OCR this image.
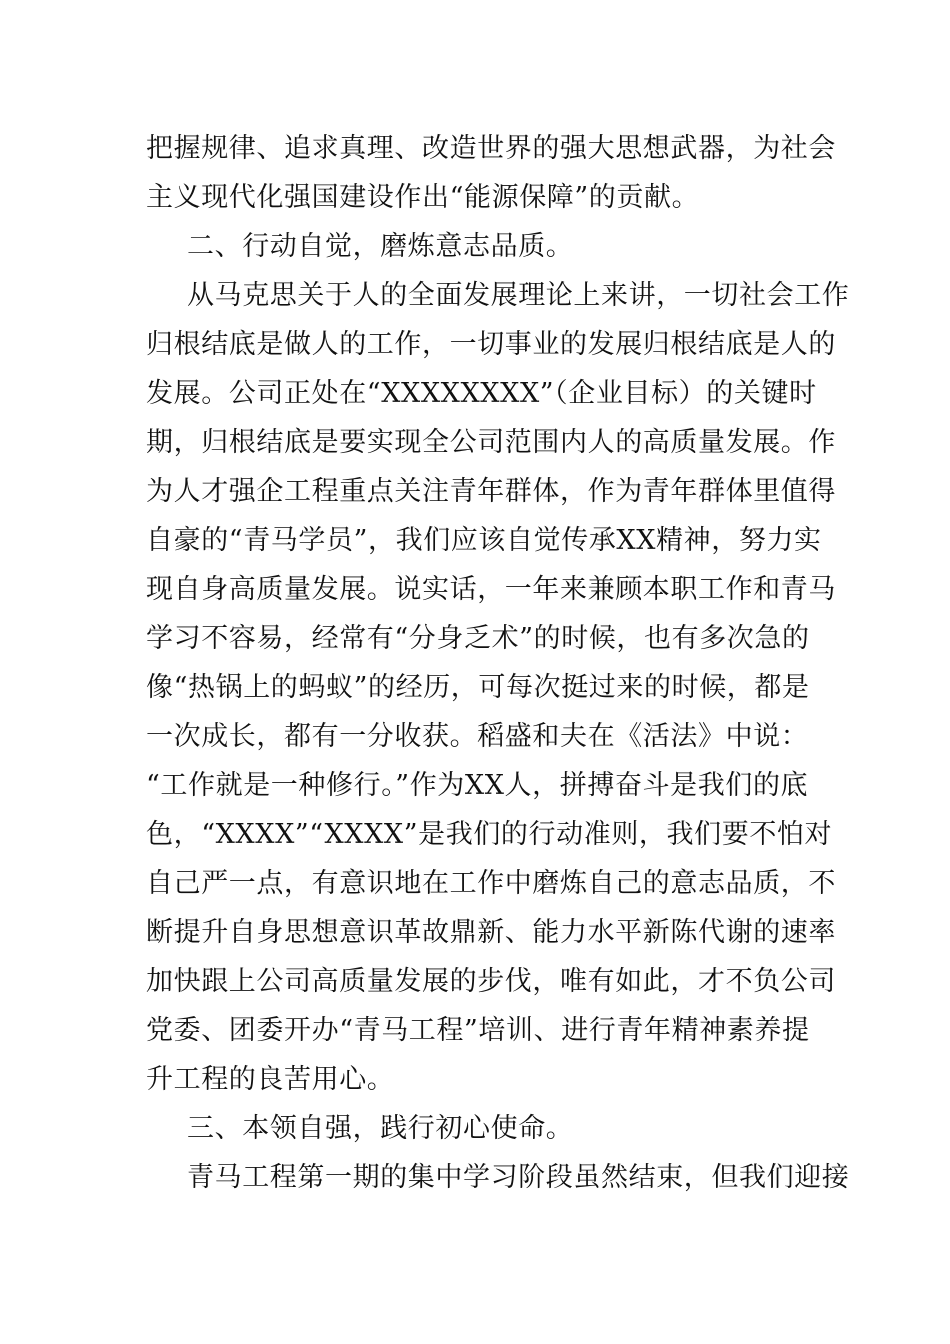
把握规律、追求真理、改造世界的强大思想武器，为社会
主义现代化强国建设作出“能源保障”的贡献。
二、行动自觉，磨炼意志品质。
从马克思关于人的全面发展理论上来讲，一切社会工作
归根结底是做人的工作，一切事业的发展归根结底是人的
发展。公司正处在“XXXXXXXX”（企业目标）的关键时
期，归根结底是要实现全公司范围内人的高质量发展。作
为人才强企工程重点关注青年群体，作为青年群体里值得
自豪的“青马学员”，我们应该自觉传承XX精神，努力实
现自身高质量发展。说实话，一年来兼顾本职工作和青马
学习不容易，经常有“分身乏术”的时候，也有多次急的
像“热锅上的蚂蚁”的经历，可每次挺过来的时候，都是
一次成长，都有一分收获。稻盛和夫在《活法》中说：
“工作就是一种修行。”作为XX人，拼搏奋斗是我们的底
色，“XXXX”“XXXX”是我们的行动准则，我们要不怕对
自己严一点，有意识地在工作中磨炼自己的意志品质，不
断提升自身思想意识革故鼎新、能力水平新陈代谢的速率
加快跟上公司高质量发展的步伐，唯有如此，才不负公司
党委、团委开办“青马工程”培训、进行青年精神素养提
升工程的良苦用心。
三、本领自强，践行初心使命。
青马工程第一期的集中学习阶段虽然结束，但我们迎接
